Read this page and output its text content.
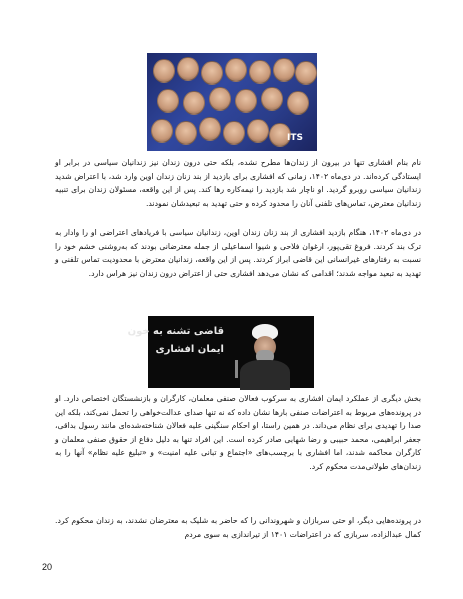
ITS

نام بنام افشاری تنها در بیرون از زندان‌ها مطرح نشده، بلکه حتی درون زندان نیز زندانیان سیاسی در برابر او ایستادگی کرده‌اند. در دی‌ماه ۱۴۰۲، زمانی که افشاری برای بازدید از بند زنان زندان اوین وارد شد، با اعتراض شدید زندانیان سیاسی روبرو گردید. او ناچار شد بازدید را نیمه‌کاره رها کند. پس از این واقعه، مسئولان زندان برای تنبیه زندانیان معترض، تماس‌های تلفنی آنان را محدود کرده و حتی تهدید به تبعیدشان نمودند.

در دی‌ماه ۱۴۰۲، هنگام بازدید افشاری از بند زنان زندان اوین، زندانیان سیاسی با فریادهای اعتراضی او را وادار به ترک بند کردند. فروغ تقی‌پور، ارغوان فلاحی و شیوا اسماعیلی از جمله معترضانی بودند که به‌روشنی خشم خود را نسبت به رفتارهای غیرانسانی این قاضی ابراز کردند. پس از این واقعه، زندانیان معترض با محدودیت تماس تلفنی و تهدید به تبعید مواجه شدند؛ اقدامی که نشان می‌دهد افشاری حتی از اعتراض درون زندان نیز هراس دارد.

قاضی تشنه به خون
ایمان افشاری

بخش دیگری از عملکرد ایمان افشاری به سرکوب فعالان صنفی معلمان، کارگران و بازنشستگان اختصاص دارد. او در پرونده‌های مربوط به اعتراضات صنفی بارها نشان داده که نه تنها صدای عدالت‌خواهی را تحمل نمی‌کند، بلکه این صدا را تهدیدی برای نظام می‌داند. در همین راستا، او احکام سنگینی علیه فعالان شناخته‌شده‌ای مانند رسول بداقی، جعفر ابراهیمی، محمد حبیبی و رضا شهابی صادر کرده است. این افراد تنها به دلیل دفاع از حقوق صنفی معلمان و کارگران محاکمه شدند، اما افشاری با برچسب‌های «اجتماع و تبانی علیه امنیت» و «تبلیغ علیه نظام» آنها را به زندان‌های طولانی‌مدت محکوم کرد.

در پرونده‌هایی دیگر، او حتی سربازان و شهروندانی را که حاضر به شلیک به معترضان نشدند، به زندان محکوم کرد. کمال عبدالزاده، سربازی که در اعتراضات ۱۴۰۱ از تیراندازی به سوی مردم

20
